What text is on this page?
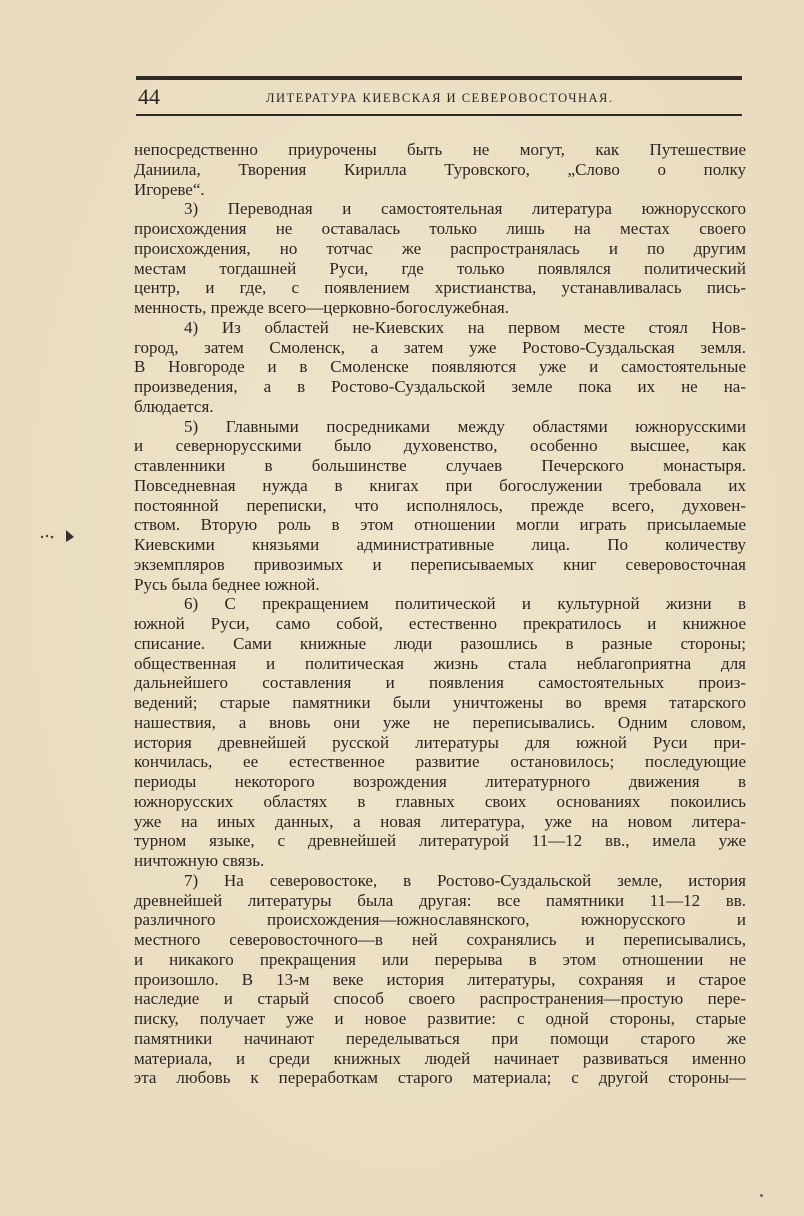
44	ЛИТЕРАТУРА КИЕВСКАЯ И СЕВЕРОВОСТОЧНАЯ.
непосредственно приурочены быть не могут, как Путешествие
Даниила, Творения Кирилла Туровского, „Слово о полку
Игореве“.
3) Переводная и самостоятельная литература южнорусского
происхождения не оставалась только лишь на местах своего
происхождения, но тотчас же распространялась и по другим
местам тогдашней Руси, где только появлялся политический
центр, и где, с появлением христианства, устанавливалась пись-
менность, прежде всего—церковно-богослужебная.
4) Из областей не-Киевских на первом месте стоял Нов-
город, затем Смоленск, а затем уже Ростово-Суздальская земля.
В Новгороде и в Смоленске появляются уже и самостоятельные
произведения, а в Ростово-Суздальской земле пока их не на-
блюдается.
5) Главными посредниками между областями южнорусскими
и севернорусскими было духовенство, особенно высшее, как
ставленники в большинстве случаев Печерского монастыря.
Повседневная нужда в книгах при богослужении требовала их
постоянной переписки, что исполнялось, прежде всего, духовен-
ством. Вторую роль в этом отношении могли играть присылаемые
Киевскими князьями административные лица. По количеству
экземпляров привозимых и переписываемых книг северовосточная
Русь была беднее южной.
6) С прекращением политической и культурной жизни в
южной Руси, само собой, естественно прекратилось и книжное
списание. Сами книжные люди разошлись в разные стороны;
общественная и политическая жизнь стала неблагоприятна для
дальнейшего составления и появления самостоятельных произ-
ведений; старые памятники были уничтожены во время татарского
нашествия, а вновь они уже не переписывались. Одним словом,
история древнейшей русской литературы для южной Руси при-
кончилась, ее естественное развитие остановилось; последующие
периоды некоторого возрождения литературного движения в
южнорусских областях в главных своих основаниях покоились
уже на иных данных, а новая литература, уже на новом литера-
турном языке, с древнейшей литературой 11—12 вв., имела уже
ничтожную связь.
7) На северовостоке, в Ростово-Суздальской земле, история
древнейшей литературы была другая: все памятники 11—12 вв.
различного происхождения—южнославянского, южнорусского и
местного северовосточного—в ней сохранялись и переписывались,
и никакого прекращения или перерыва в этом отношении не
произошло. В 13-м веке история литературы, сохраняя и старое
наследие и старый способ своего распространения—простую пере-
писку, получает уже и новое развитие: с одной стороны, старые
памятники начинают переделываться при помощи старого же
материала, и среди книжных людей начинает развиваться именно
эта любовь к переработкам старого материала; с другой стороны—
